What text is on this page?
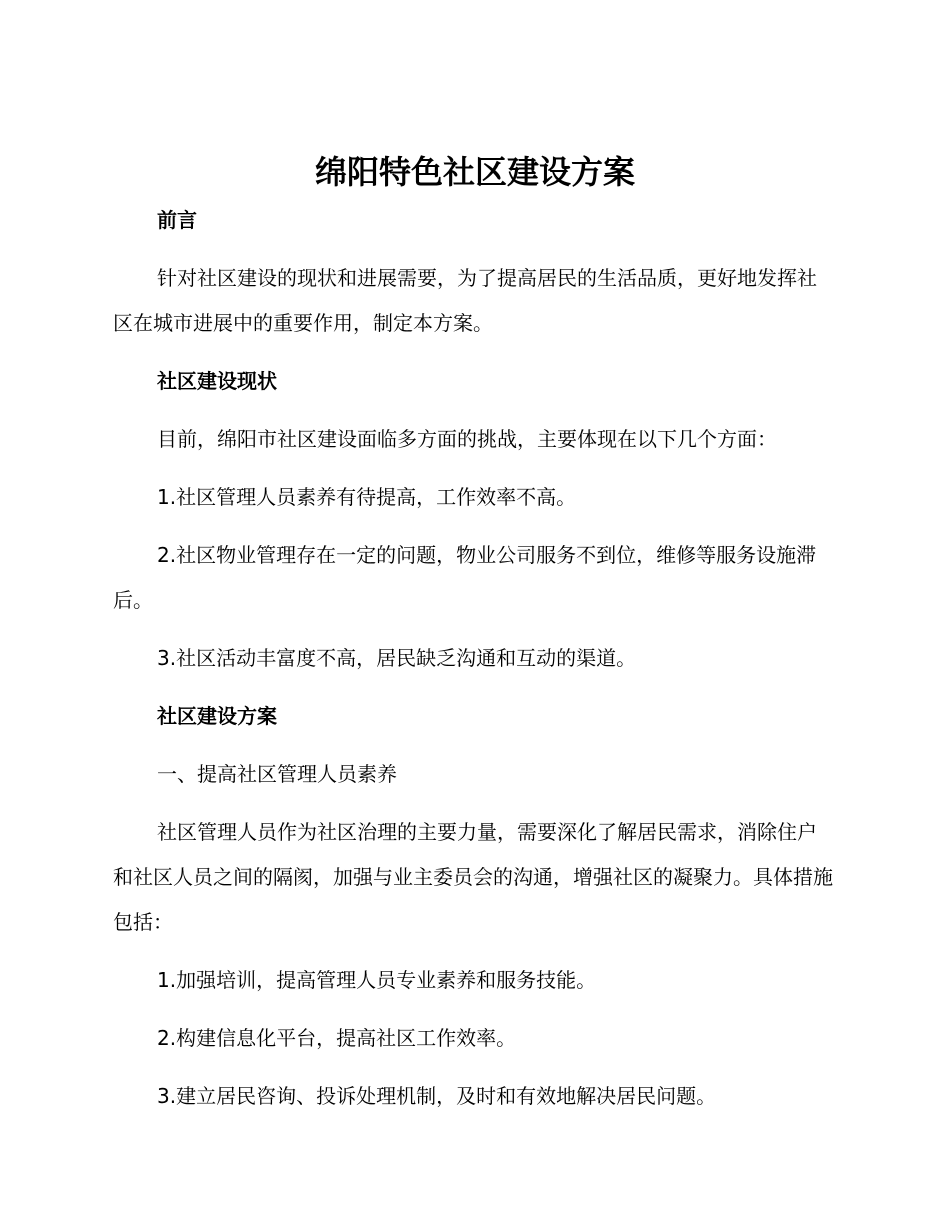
绵阳特色社区建设方案

前言

针对社区建设的现状和进展需要，为了提高居民的生活品质，更好地发挥社区在城市进展中的重要作用，制定本方案。

社区建设现状

目前，绵阳市社区建设面临多方面的挑战，主要体现在以下几个方面：

1.社区管理人员素养有待提高，工作效率不高。

2.社区物业管理存在一定的问题，物业公司服务不到位，维修等服务设施滞后。

3.社区活动丰富度不高，居民缺乏沟通和互动的渠道。

社区建设方案

一、提高社区管理人员素养

社区管理人员作为社区治理的主要力量，需要深化了解居民需求，消除住户和社区人员之间的隔阂，加强与业主委员会的沟通，增强社区的凝聚力。具体措施包括：

1.加强培训，提高管理人员专业素养和服务技能。

2.构建信息化平台，提高社区工作效率。

3.建立居民咨询、投诉处理机制，及时和有效地解决居民问题。
